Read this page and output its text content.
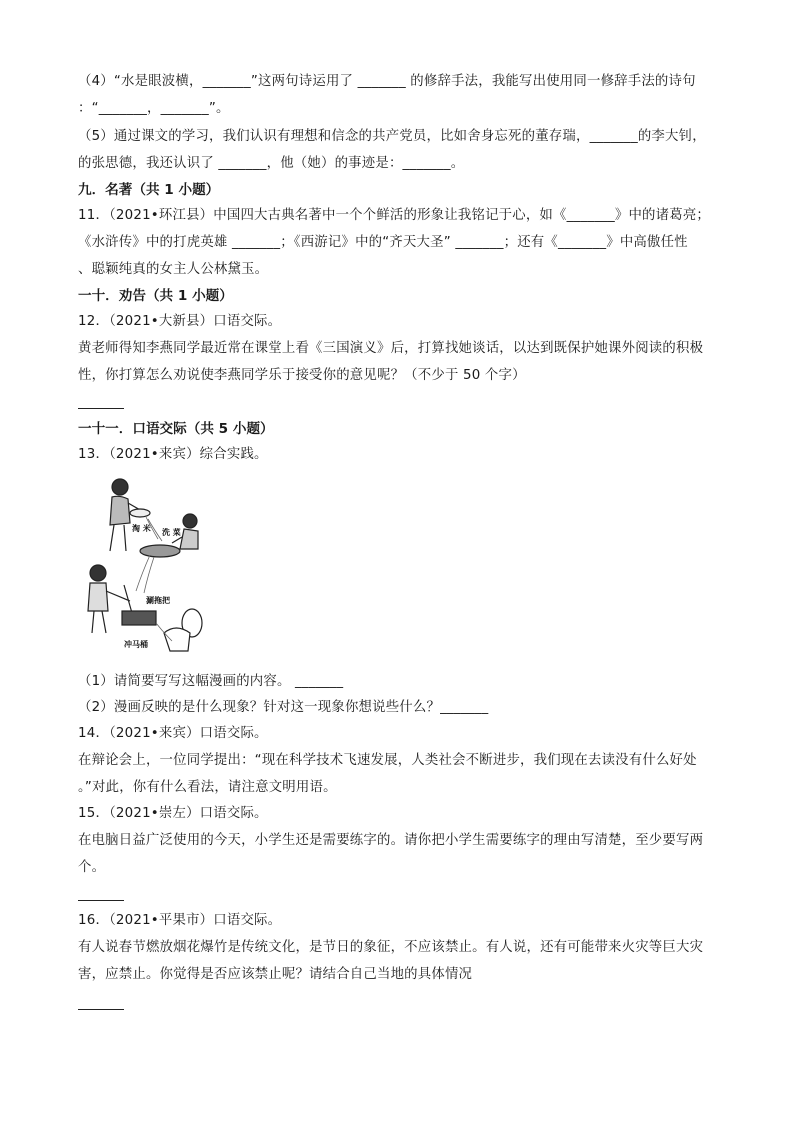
（4）“水是眼波横，_______”这两句诗运用了 _______ 的修辞手法，我能写出使用同一修辞手法的诗句
：“_______，_______”。
（5）通过课文的学习，我们认识有理想和信念的共产党员，比如舍身忘死的董存瑞，_______的李大钊，
的张思德，我还认识了 _______，他（她）的事迹是：_______。
九．名著（共 1 小题）
11．（2021•环江县）中国四大古典名著中一个个鲜活的形象让我铭记于心，如《_______》中的诸葛亮；
《水浒传》中的打虎英雄 _______；《西游记》中的“齐天大圣” _______；还有《_______》中高傲任性
、聪颖纯真的女主人公林黛玉。
一十．劝告（共 1 小题）
12．（2021•大新县）口语交际。
黄老师得知李燕同学最近常在课堂上看《三国演义》后，打算找她谈话，以达到既保护她课外阅读的积极
性，你打算怎么劝说使李燕同学乐于接受你的意见呢？（不少于 50 个字）
一十一．口语交际（共 5 小题）
13．（2021•来宾）综合实践。
淘 米 洗 菜
涮拖把
冲马桶
（1）请简要写写这幅漫画的内容。 _______
（2）漫画反映的是什么现象？针对这一现象你想说些什么？_______
14．（2021•来宾）口语交际。
在辩论会上，一位同学提出：“现在科学技术飞速发展，人类社会不断进步，我们现在去读没有什么好处
。”对此，你有什么看法，请注意文明用语。
15．（2021•崇左）口语交际。
在电脑日益广泛使用的今天，小学生还是需要练字的。请你把小学生需要练字的理由写清楚，至少要写两
个。
16．（2021•平果市）口语交际。
有人说春节燃放烟花爆竹是传统文化，是节日的象征，不应该禁止。有人说，还有可能带来火灾等巨大灾
害，应禁止。你觉得是否应该禁止呢？请结合自己当地的具体情况
